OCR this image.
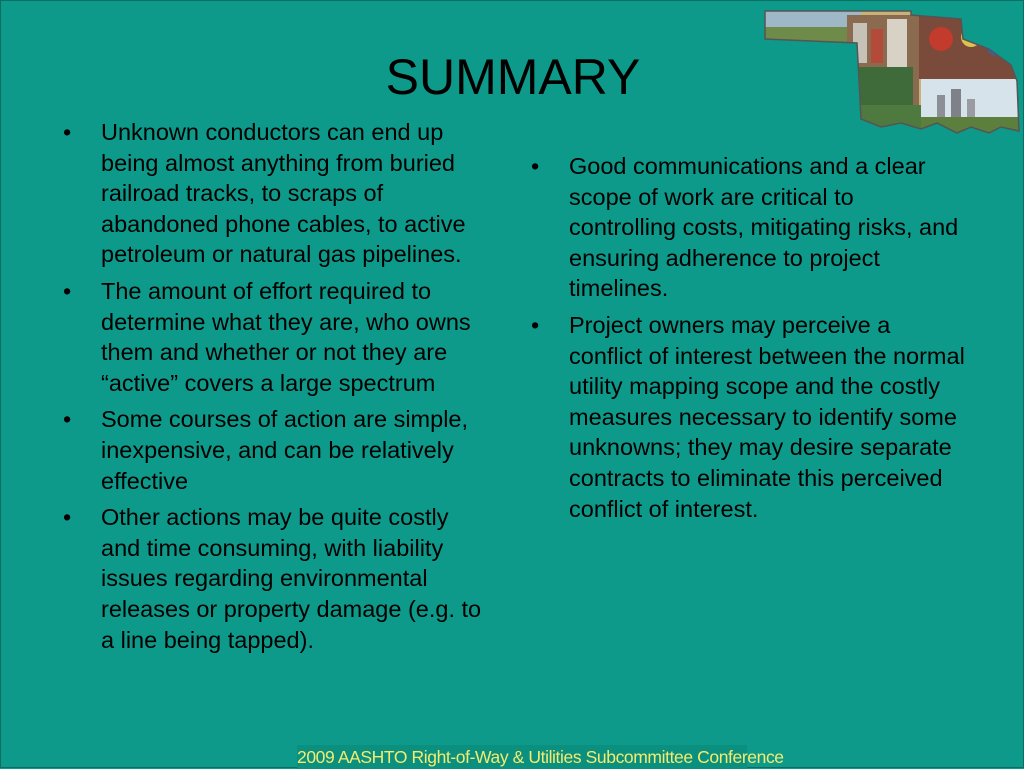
SUMMARY
• Unknown conductors can end up being almost anything from buried railroad tracks, to scraps of abandoned phone cables, to active petroleum or natural gas pipelines.
• The amount of effort required to determine what they are, who owns them and whether or not they are “active” covers a large spectrum
• Some courses of action are simple, inexpensive, and can be relatively effective
• Other actions may be quite costly and time consuming, with liability issues regarding environmental releases or property damage (e.g. to a line being tapped).
• Good communications and a clear scope of work are critical to controlling costs, mitigating risks, and ensuring adherence to project timelines.
• Project owners may perceive a conflict of interest between the normal utility mapping scope and the costly measures necessary to identify some unknowns; they may desire separate contracts to eliminate this perceived conflict of interest.
2009 AASHTO Right-of-Way & Utilities Subcommittee Conference
